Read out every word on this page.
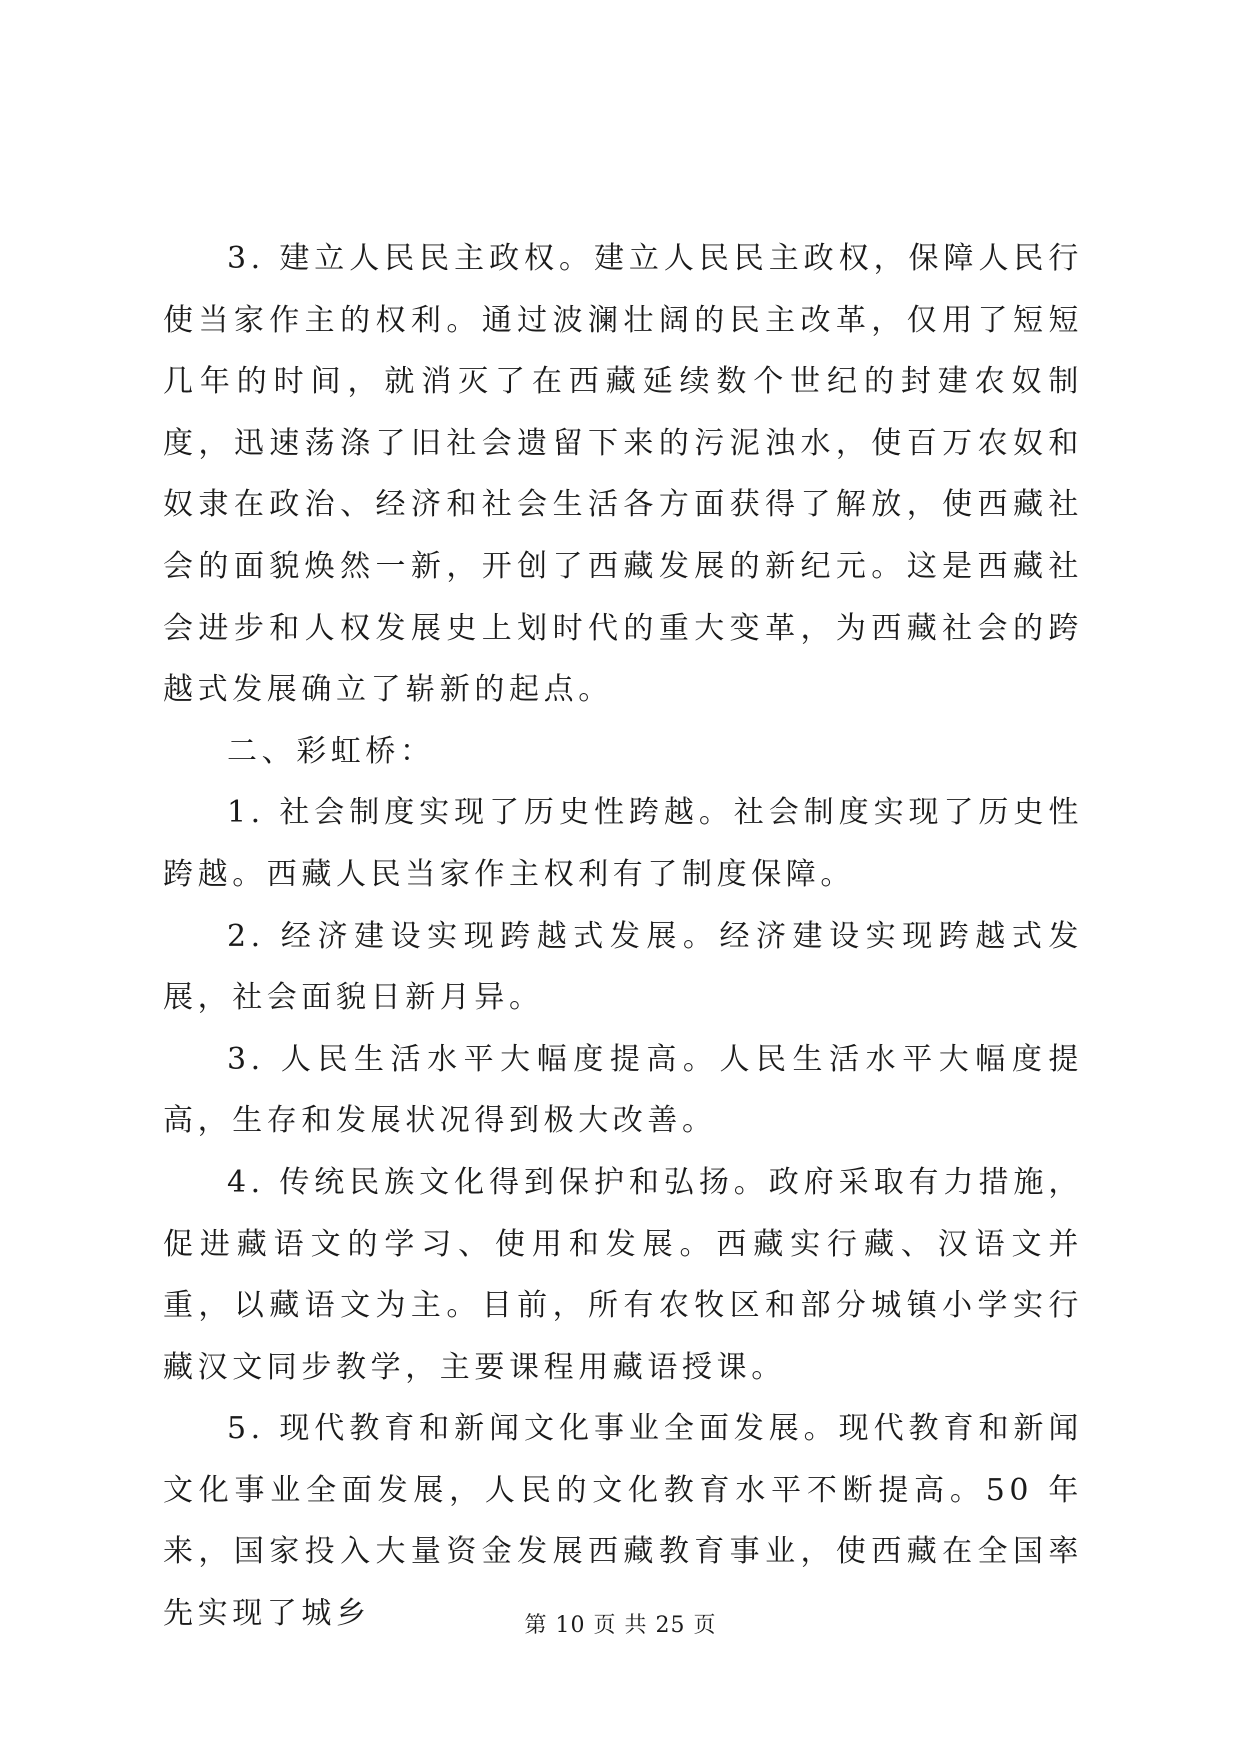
3. 建立人民民主政权。建立人民民主政权，保障人民行使当家作主的权利。通过波澜壮阔的民主改革，仅用了短短几年的时间，就消灭了在西藏延续数个世纪的封建农奴制度，迅速荡涤了旧社会遗留下来的污泥浊水，使百万农奴和奴隶在政治、经济和社会生活各方面获得了解放，使西藏社会的面貌焕然一新，开创了西藏发展的新纪元。这是西藏社会进步和人权发展史上划时代的重大变革，为西藏社会的跨越式发展确立了崭新的起点。

二、彩虹桥：

1. 社会制度实现了历史性跨越。社会制度实现了历史性跨越。西藏人民当家作主权利有了制度保障。

2. 经济建设实现跨越式发展。经济建设实现跨越式发展，社会面貌日新月异。

3. 人民生活水平大幅度提高。人民生活水平大幅度提高，生存和发展状况得到极大改善。

4. 传统民族文化得到保护和弘扬。政府采取有力措施，促进藏语文的学习、使用和发展。西藏实行藏、汉语文并重，以藏语文为主。目前，所有农牧区和部分城镇小学实行藏汉文同步教学，主要课程用藏语授课。

5. 现代教育和新闻文化事业全面发展。现代教育和新闻文化事业全面发展，人民的文化教育水平不断提高。50 年来，国家投入大量资金发展西藏教育事业，使西藏在全国率先实现了城乡	第 10 页 共 25 页
